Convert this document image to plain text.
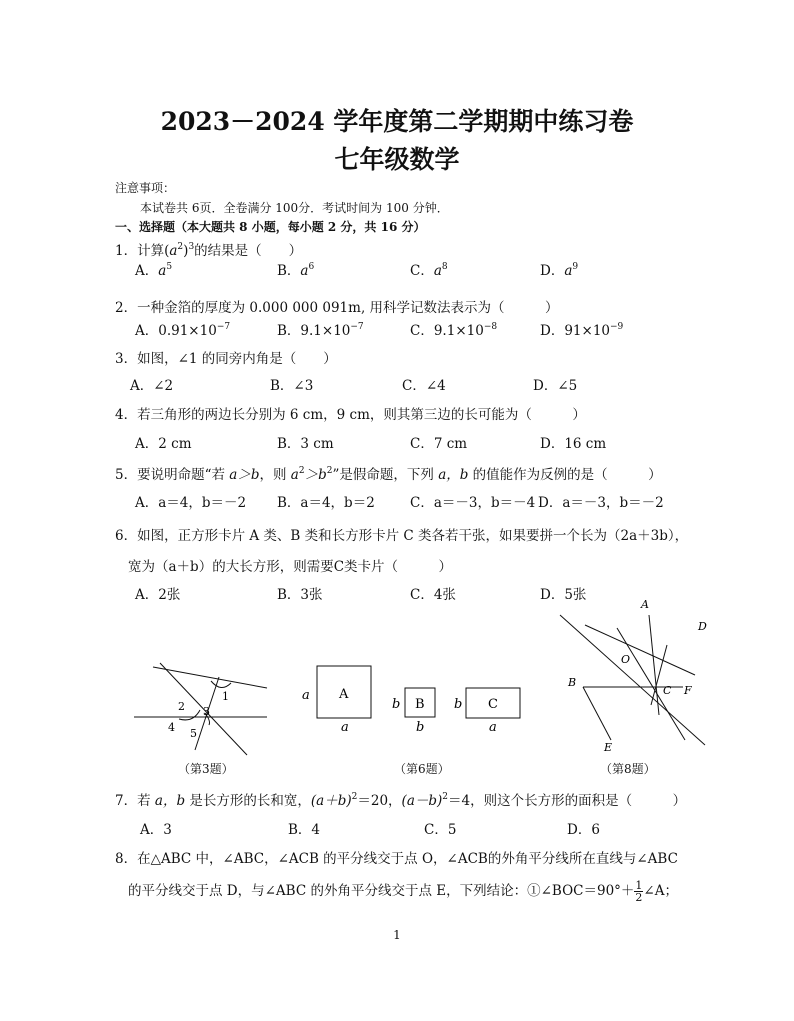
2023－2024 学年度第二学期期中练习卷
七年级数学
注意事项：
本试卷共 6页．全卷满分 100分．考试时间为 100 分钟．
一、选择题（本大题共 8 小题，每小题 2 分，共 16 分）
1．计算$(a^2)^3$的结果是（　　）
A．$a^5$	B．$a^6$	C．$a^8$	D．$a^9$
2．一种金箔的厚度为 0.000 000 091m, 用科学记数法表示为（　　　）
A．$0.91\times 10^{-7}$	B．$9.1\times 10^{-7}$	C．$9.1\times 10^{-8}$	D．$91\times 10^{-9}$
3．如图，∠1 的同旁内角是（　　）
A．∠2	B．∠3	C．∠4	D．∠5
4．若三角形的两边长分别为 6 cm，9 cm，则其第三边的长可能为（　　　）
A．2 cm	B．3 cm	C．7 cm	D．16 cm
5．要说明命题“若 a＞b，则 $a^2>b^2$”是假命题，下列 a，b 的值能作为反例的是（　　　）
A．a＝4，b＝－2 B．a＝4，b＝2	C．a＝－3，b＝－4 D．a＝－3，b＝－2
6．如图，正方形卡片 A 类、B 类和长方形卡片 C 类各若干张，如果要拼一个长为（2a＋3b），
宽为（a＋b）的大长方形，则需要C类卡片（　　　）
A．2张	B．3张	C．4张	D．5张
1
2 3
4 5
（第3题）
A
a
a
B
b
b
C
b
a
（第6题）
A
D
O
B
C F
E
（第8题）
7．若 a，b 是长方形的长和宽，$(a+b)^2=20$，$(a-b)^2=4$，则这个长方形的面积是（　　　）
A．3	B．4	C．5	D．6
8．在△ABC 中，∠ABC，∠ACB 的平分线交于点 O，∠ACB的外角平分线所在直线与∠ABC
的平分线交于点 D，与∠ABC 的外角平分线交于点 E，下列结论：①∠BOC＝90°＋ $\frac{1}{2}$ ∠A；
1
